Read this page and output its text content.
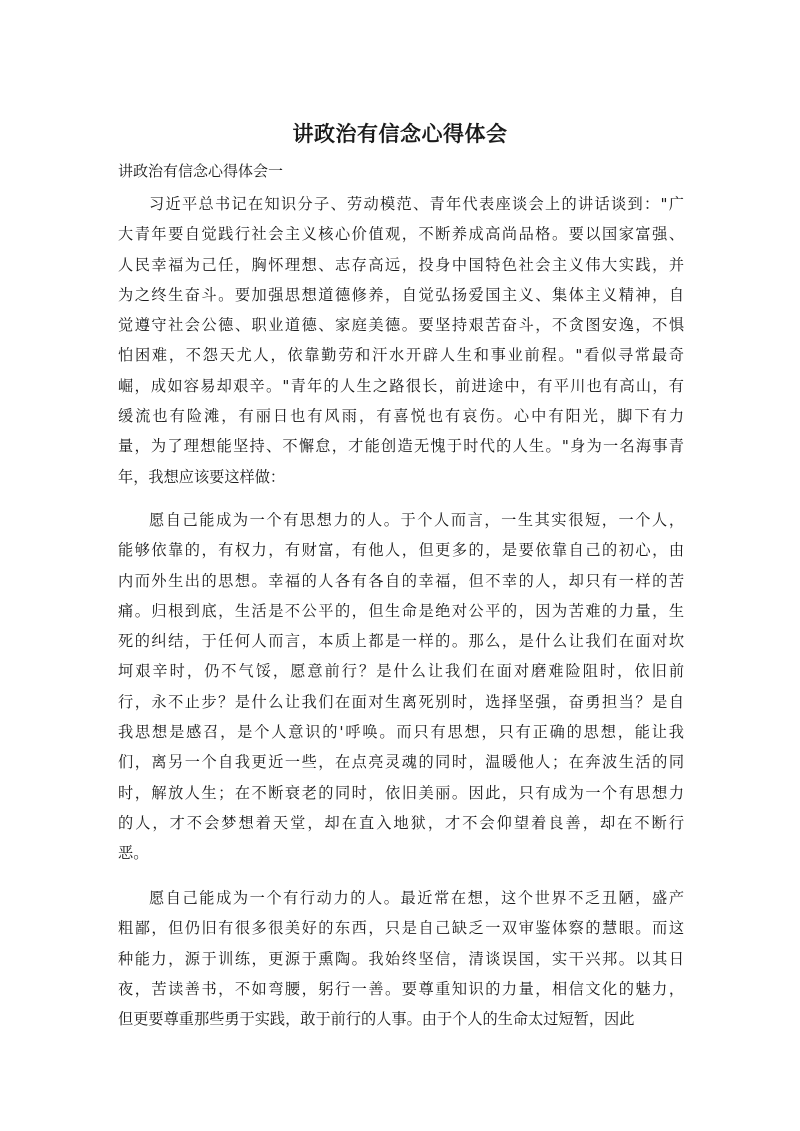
讲政治有信念心得体会
讲政治有信念心得体会一
习近平总书记在知识分子、劳动模范、青年代表座谈会上的讲话谈到："广
大青年要自觉践行社会主义核心价值观，不断养成高尚品格。要以国家富强、
人民幸福为己任，胸怀理想、志存高远，投身中国特色社会主义伟大实践，并
为之终生奋斗。要加强思想道德修养，自觉弘扬爱国主义、集体主义精神，自
觉遵守社会公德、职业道德、家庭美德。要坚持艰苦奋斗，不贪图安逸，不惧
怕困难，不怨天尤人，依靠勤劳和汗水开辟人生和事业前程。"看似寻常最奇
崛，成如容易却艰辛。"青年的人生之路很长，前进途中，有平川也有高山，有
缓流也有险滩，有丽日也有风雨，有喜悦也有哀伤。心中有阳光，脚下有力
量，为了理想能坚持、不懈怠，才能创造无愧于时代的人生。"身为一名海事青
年，我想应该要这样做：
愿自己能成为一个有思想力的人。于个人而言，一生其实很短，一个人，
能够依靠的，有权力，有财富，有他人，但更多的，是要依靠自己的初心，由
内而外生出的思想。幸福的人各有各自的幸福，但不幸的人，却只有一样的苦
痛。归根到底，生活是不公平的，但生命是绝对公平的，因为苦难的力量，生
死的纠结，于任何人而言，本质上都是一样的。那么，是什么让我们在面对坎
坷艰辛时，仍不气馁，愿意前行？是什么让我们在面对磨难险阻时，依旧前
行，永不止步？是什么让我们在面对生离死别时，选择坚强，奋勇担当？是自
我思想是感召，是个人意识的'呼唤。而只有思想，只有正确的思想，能让我
们，离另一个自我更近一些，在点亮灵魂的同时，温暖他人；在奔波生活的同
时，解放人生；在不断衰老的同时，依旧美丽。因此，只有成为一个有思想力
的人，才不会梦想着天堂，却在直入地狱，才不会仰望着良善，却在不断行
恶。
愿自己能成为一个有行动力的人。最近常在想，这个世界不乏丑陋，盛产
粗鄙，但仍旧有很多很美好的东西，只是自己缺乏一双审鉴体察的慧眼。而这
种能力，源于训练，更源于熏陶。我始终坚信，清谈误国，实干兴邦。以其日
夜，苦读善书，不如弯腰，躬行一善。要尊重知识的力量，相信文化的魅力，
但更要尊重那些勇于实践，敢于前行的人事。由于个人的生命太过短暂，因此
